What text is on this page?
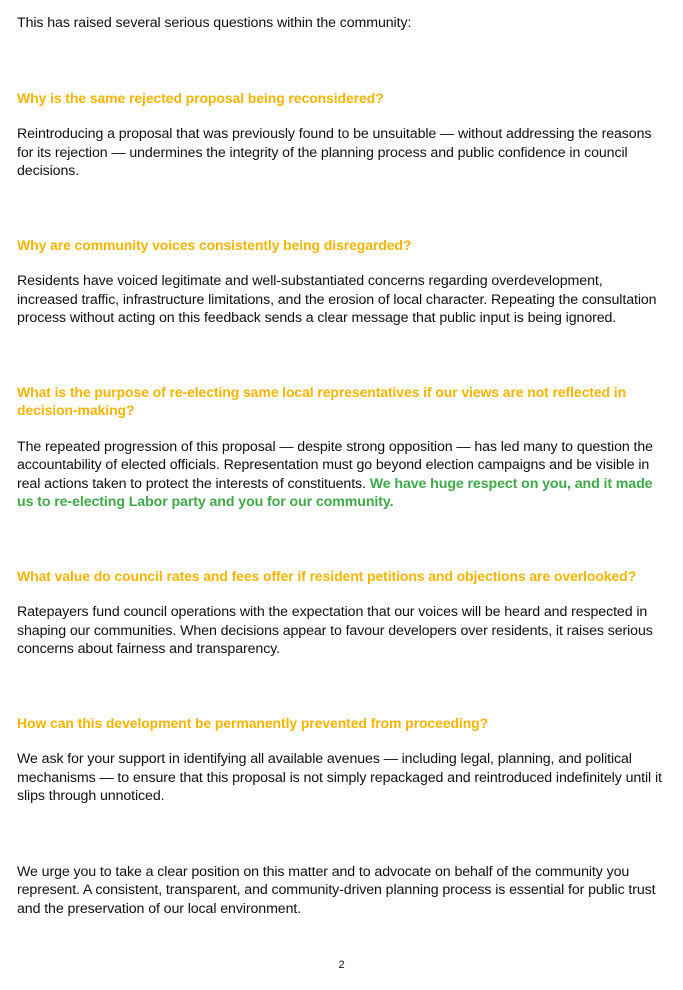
This has raised several serious questions within the community:

Why is the same rejected proposal being reconsidered?

Reintroducing a proposal that was previously found to be unsuitable — without addressing the reasons for its rejection — undermines the integrity of the planning process and public confidence in council decisions.

Why are community voices consistently being disregarded?

Residents have voiced legitimate and well-substantiated concerns regarding overdevelopment, increased traffic, infrastructure limitations, and the erosion of local character. Repeating the consultation process without acting on this feedback sends a clear message that public input is being ignored.

What is the purpose of re-electing same local representatives if our views are not reflected in decision-making?

The repeated progression of this proposal — despite strong opposition — has led many to question the accountability of elected officials. Representation must go beyond election campaigns and be visible in real actions taken to protect the interests of constituents. We have huge respect on you, and it made us to re-electing Labor party and you for our community.

What value do council rates and fees offer if resident petitions and objections are overlooked?

Ratepayers fund council operations with the expectation that our voices will be heard and respected in shaping our communities. When decisions appear to favour developers over residents, it raises serious concerns about fairness and transparency.

How can this development be permanently prevented from proceeding?

We ask for your support in identifying all available avenues — including legal, planning, and political mechanisms — to ensure that this proposal is not simply repackaged and reintroduced indefinitely until it slips through unnoticed.

We urge you to take a clear position on this matter and to advocate on behalf of the community you represent. A consistent, transparent, and community-driven planning process is essential for public trust and the preservation of our local environment.

2
